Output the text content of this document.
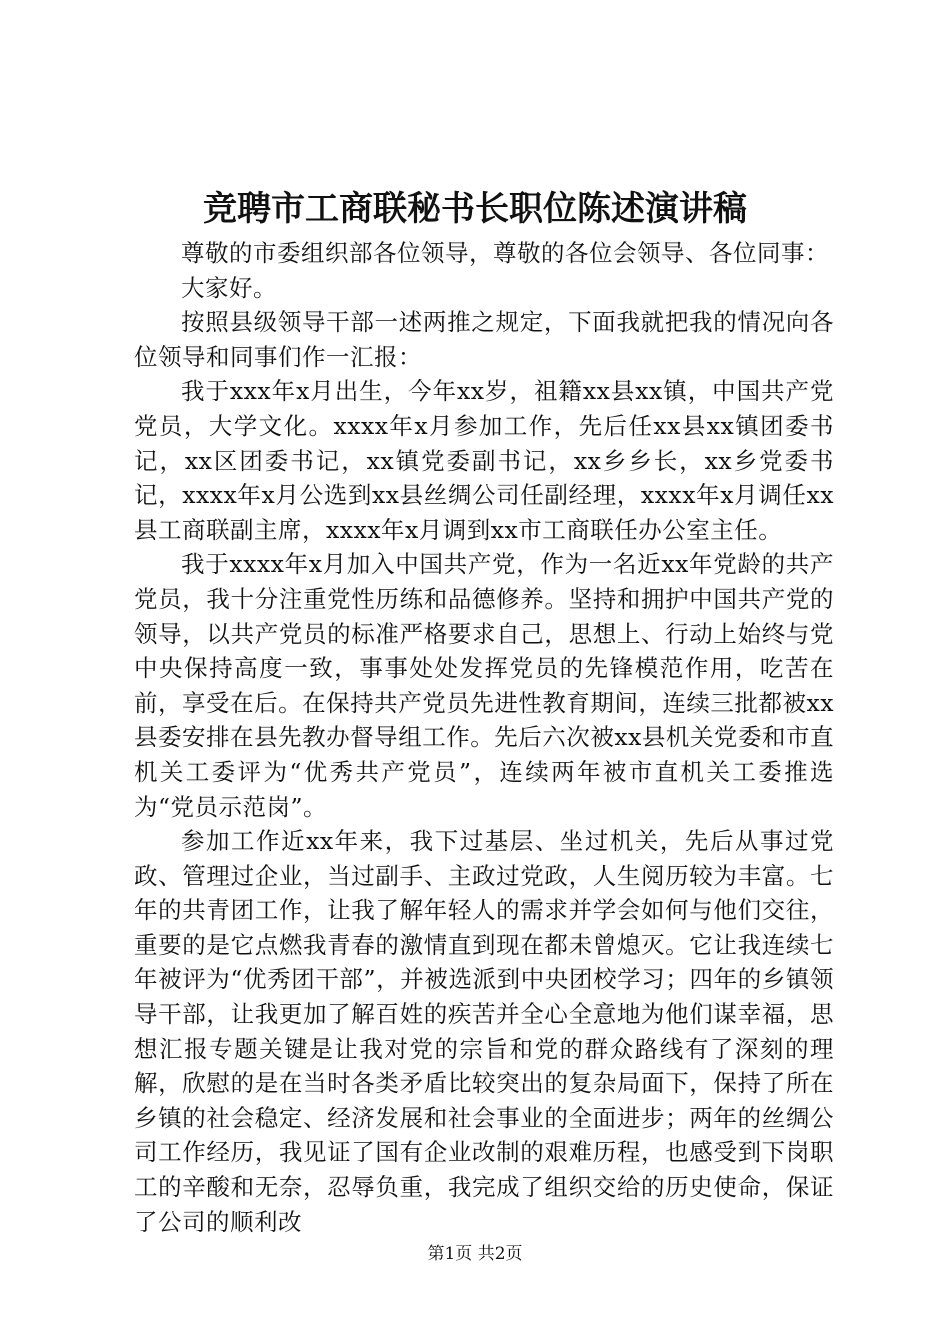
竞聘市工商联秘书长职位陈述演讲稿

尊敬的市委组织部各位领导，尊敬的各位会领导、各位同事：

大家好。

按照县级领导干部一述两推之规定，下面我就把我的情况向各位领导和同事们作一汇报：

我于xxx年x月出生，今年xx岁，祖籍xx县xx镇，中国共产党党员，大学文化。xxxx年x月参加工作，先后任xx县xx镇团委书记，xx区团委书记，xx镇党委副书记，xx乡乡长，xx乡党委书记，xxxx年x月公选到xx县丝绸公司任副经理，xxxx年x月调任xx县工商联副主席，xxxx年x月调到xx市工商联任办公室主任。

我于xxxx年x月加入中国共产党，作为一名近xx年党龄的共产党员，我十分注重党性历练和品德修养。坚持和拥护中国共产党的领导，以共产党员的标准严格要求自己，思想上、行动上始终与党中央保持高度一致，事事处处发挥党员的先锋模范作用，吃苦在前，享受在后。在保持共产党员先进性教育期间，连续三批都被xx县委安排在县先教办督导组工作。先后六次被xx县机关党委和市直机关工委评为“优秀共产党员”，连续两年被市直机关工委推选为“党员示范岗”。

参加工作近xx年来，我下过基层、坐过机关，先后从事过党政、管理过企业，当过副手、主政过党政，人生阅历较为丰富。七年的共青团工作，让我了解年轻人的需求并学会如何与他们交往，重要的是它点燃我青春的激情直到现在都未曾熄灭。它让我连续七年被评为“优秀团干部”，并被选派到中央团校学习；四年的乡镇领导干部，让我更加了解百姓的疾苦并全心全意地为他们谋幸福，思想汇报专题关键是让我对党的宗旨和党的群众路线有了深刻的理解，欣慰的是在当时各类矛盾比较突出的复杂局面下，保持了所在乡镇的社会稳定、经济发展和社会事业的全面进步；两年的丝绸公司工作经历，我见证了国有企业改制的艰难历程，也感受到下岗职工的辛酸和无奈，忍辱负重，我完成了组织交给的历史使命，保证了公司的顺利改

第1页 共2页
